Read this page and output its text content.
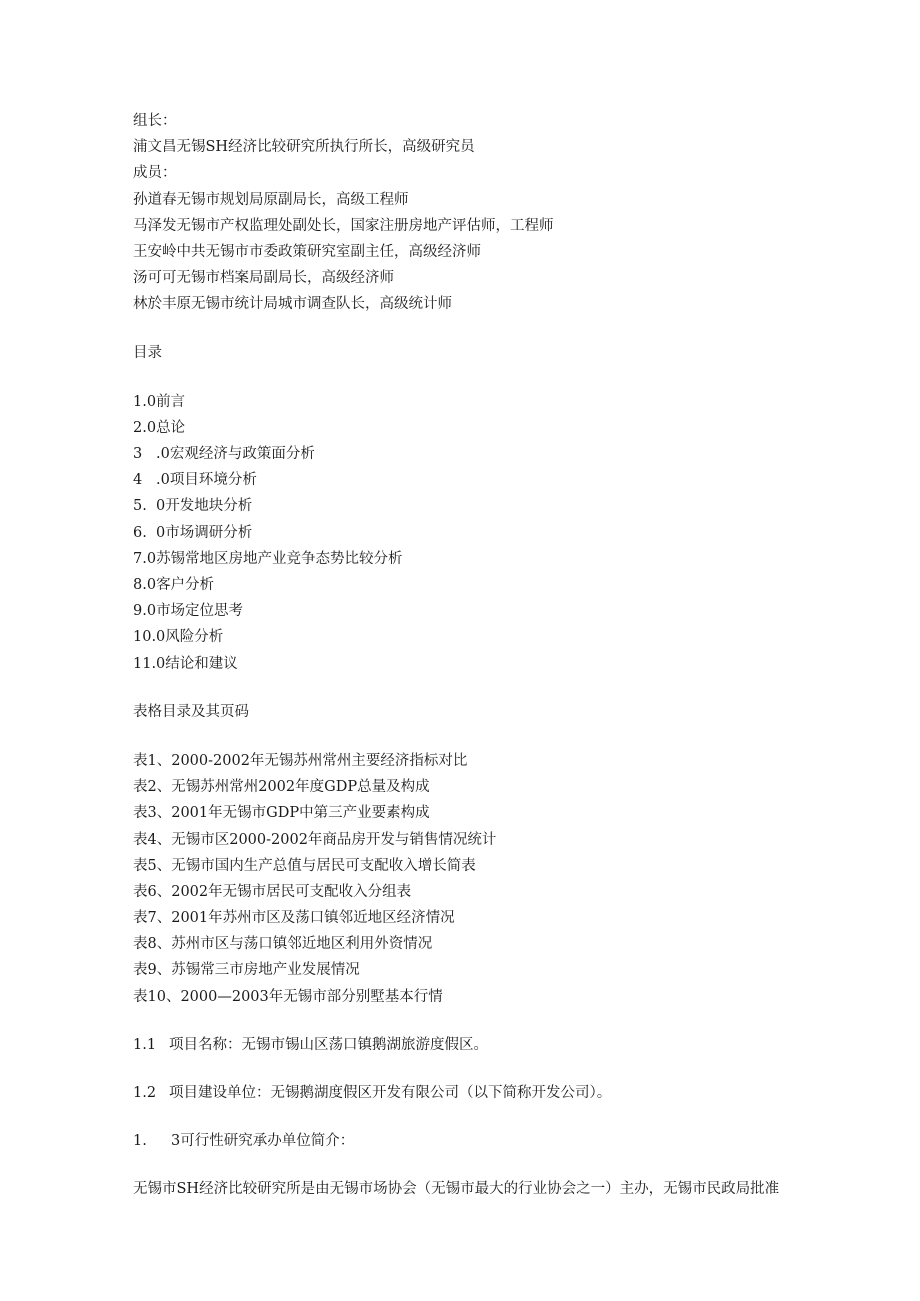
组长：
浦文昌无锡SH经济比较研究所执行所长，高级研究员
成员：
孙道春无锡市规划局原副局长，高级工程师
马泽发无锡市产权监理处副处长，国家注册房地产评估师，工程师
王安岭中共无锡市市委政策研究室副主任，高级经济师
汤可可无锡市档案局副局长，高级经济师
林於丰原无锡市统计局城市调查队长，高级统计师
目录
1.0前言
2.0总论
3 .0宏观经济与政策面分析
4 .0项目环境分析
5. 0开发地块分析
6. 0市场调研分析
7.0苏锡常地区房地产业竞争态势比较分析
8.0客户分析
9.0市场定位思考
10.0风险分析
11.0结论和建议
表格目录及其页码
表1、2000-2002年无锡苏州常州主要经济指标对比
表2、无锡苏州常州2002年度GDP总量及构成
表3、2001年无锡市GDP中第三产业要素构成
表4、无锡市区2000-2002年商品房开发与销售情况统计
表5、无锡市国内生产总值与居民可支配收入增长简表
表6、2002年无锡市居民可支配收入分组表
表7、2001年苏州市区及荡口镇邻近地区经济情况
表8、苏州市区与荡口镇邻近地区利用外资情况
表9、苏锡常三市房地产业发展情况
表10、2000—2003年无锡市部分别墅基本行情
1.1 项目名称：无锡市锡山区荡口镇鹅湖旅游度假区。
1.2 项目建设单位：无锡鹅湖度假区开发有限公司（以下简称开发公司）。
1. 3可行性研究承办单位简介：
无锡市SH经济比较研究所是由无锡市场协会（无锡市最大的行业协会之一）主办，无锡市民政局批准
